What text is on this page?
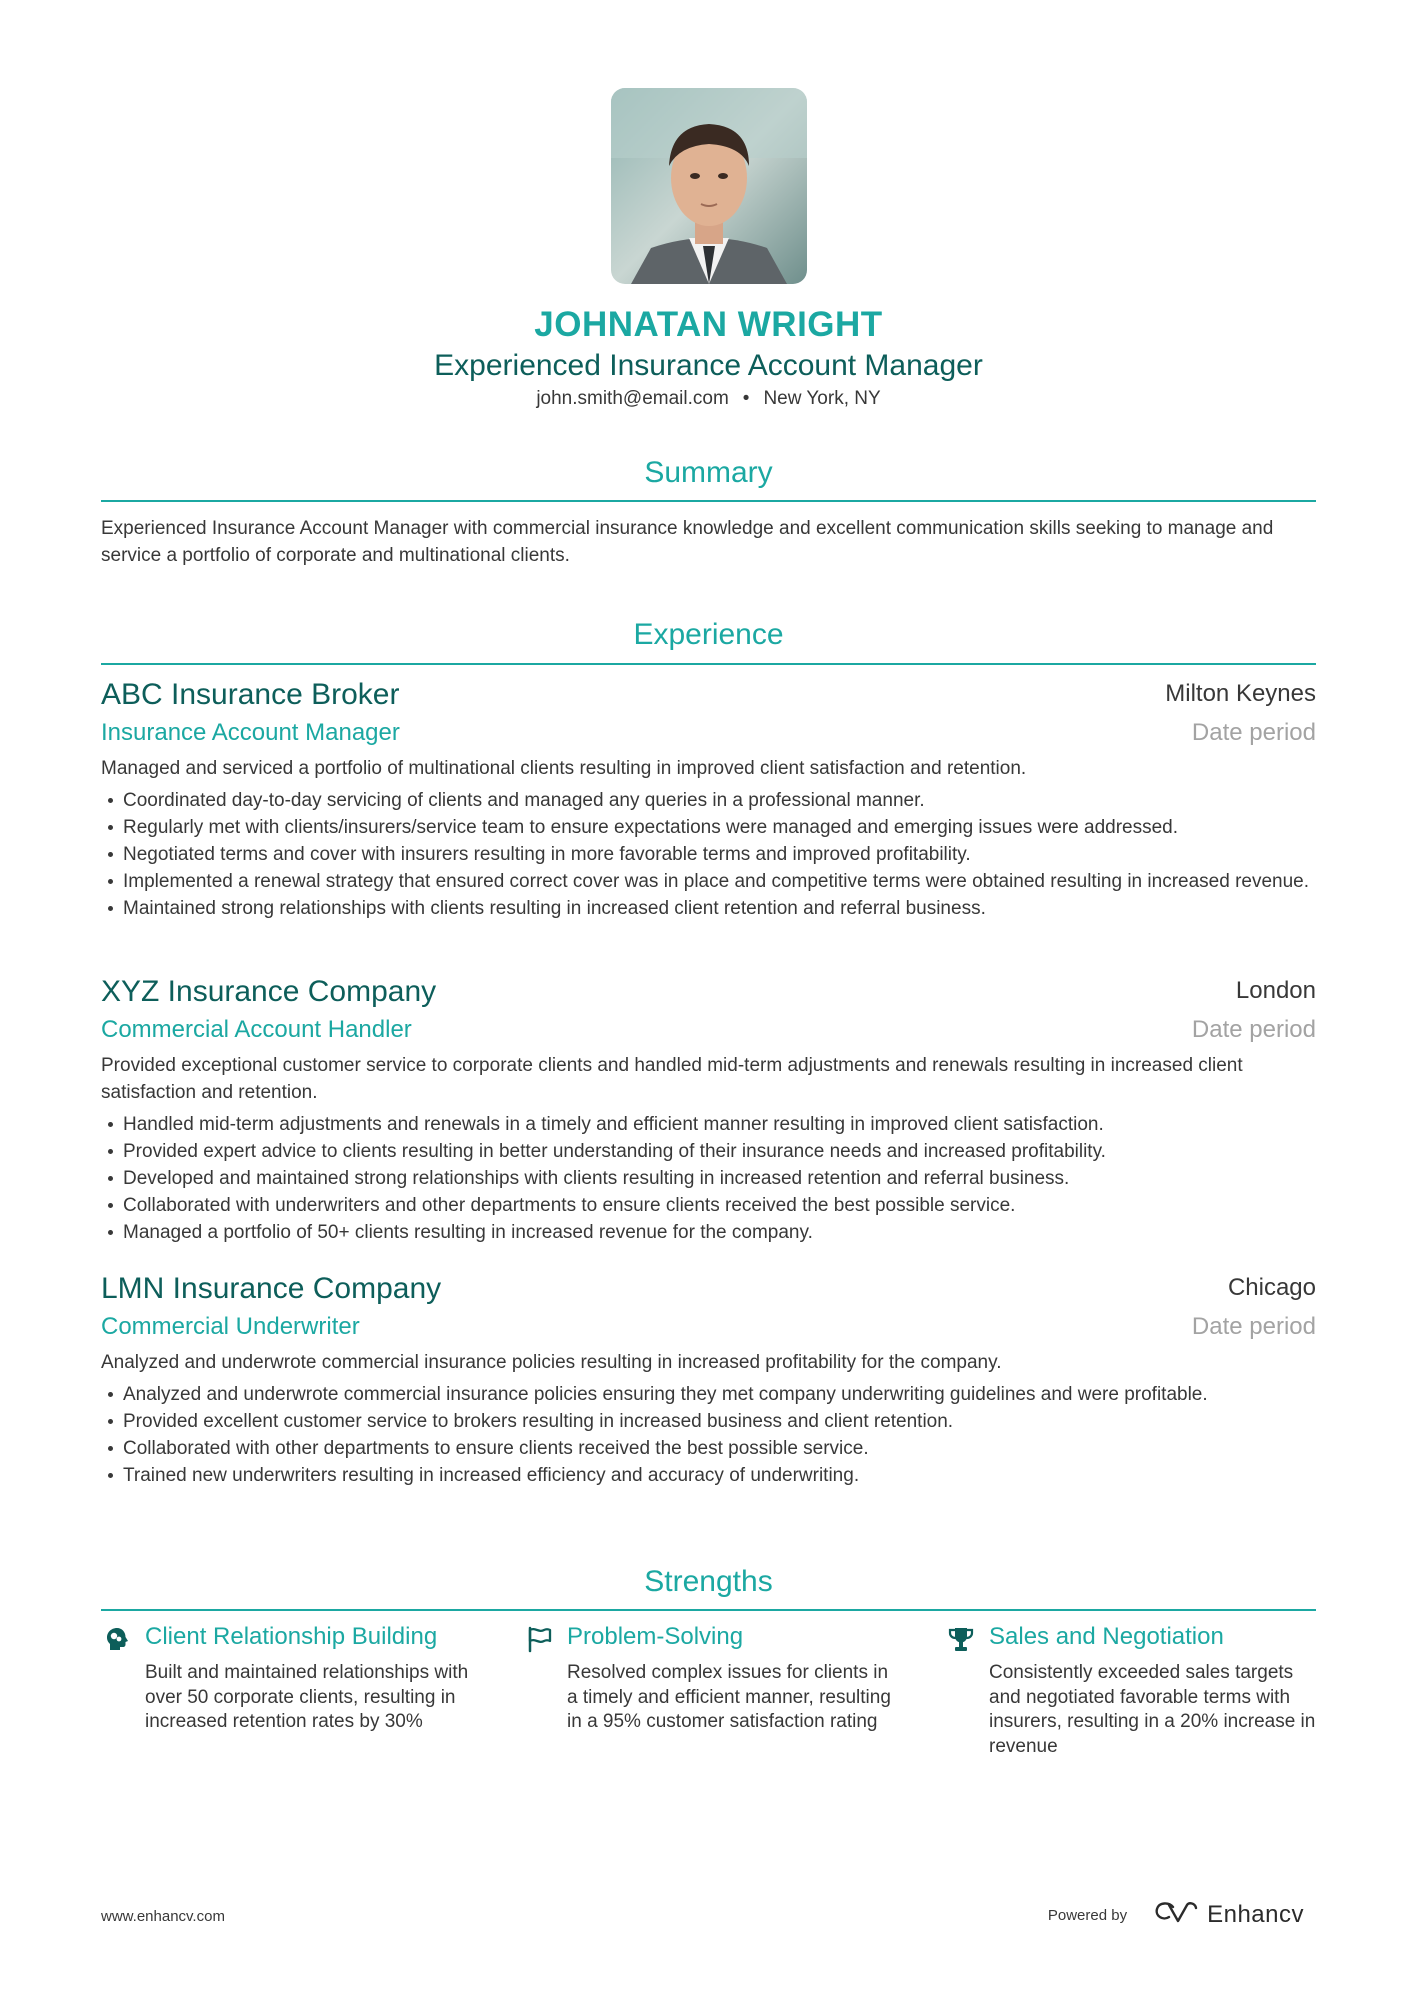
JOHNATAN WRIGHT
Experienced Insurance Account Manager
john.smith@email.com • New York, NY
Summary
Experienced Insurance Account Manager with commercial insurance knowledge and excellent communication skills seeking to manage and service a portfolio of corporate and multinational clients.
Experience
ABC Insurance Broker	Milton Keynes
Insurance Account Manager	Date period
Managed and serviced a portfolio of multinational clients resulting in improved client satisfaction and retention.
Coordinated day-to-day servicing of clients and managed any queries in a professional manner.
Regularly met with clients/insurers/service team to ensure expectations were managed and emerging issues were addressed.
Negotiated terms and cover with insurers resulting in more favorable terms and improved profitability.
Implemented a renewal strategy that ensured correct cover was in place and competitive terms were obtained resulting in increased revenue.
Maintained strong relationships with clients resulting in increased client retention and referral business.
XYZ Insurance Company	London
Commercial Account Handler	Date period
Provided exceptional customer service to corporate clients and handled mid-term adjustments and renewals resulting in increased client satisfaction and retention.
Handled mid-term adjustments and renewals in a timely and efficient manner resulting in improved client satisfaction.
Provided expert advice to clients resulting in better understanding of their insurance needs and increased profitability.
Developed and maintained strong relationships with clients resulting in increased retention and referral business.
Collaborated with underwriters and other departments to ensure clients received the best possible service.
Managed a portfolio of 50+ clients resulting in increased revenue for the company.
LMN Insurance Company	Chicago
Commercial Underwriter	Date period
Analyzed and underwrote commercial insurance policies resulting in increased profitability for the company.
Analyzed and underwrote commercial insurance policies ensuring they met company underwriting guidelines and were profitable.
Provided excellent customer service to brokers resulting in increased business and client retention.
Collaborated with other departments to ensure clients received the best possible service.
Trained new underwriters resulting in increased efficiency and accuracy of underwriting.
Strengths
Client Relationship Building
Built and maintained relationships with over 50 corporate clients, resulting in increased retention rates by 30%
Problem-Solving
Resolved complex issues for clients in a timely and efficient manner, resulting in a 95% customer satisfaction rating
Sales and Negotiation
Consistently exceeded sales targets and negotiated favorable terms with insurers, resulting in a 20% increase in revenue
www.enhancv.com	Powered by	Enhancv
